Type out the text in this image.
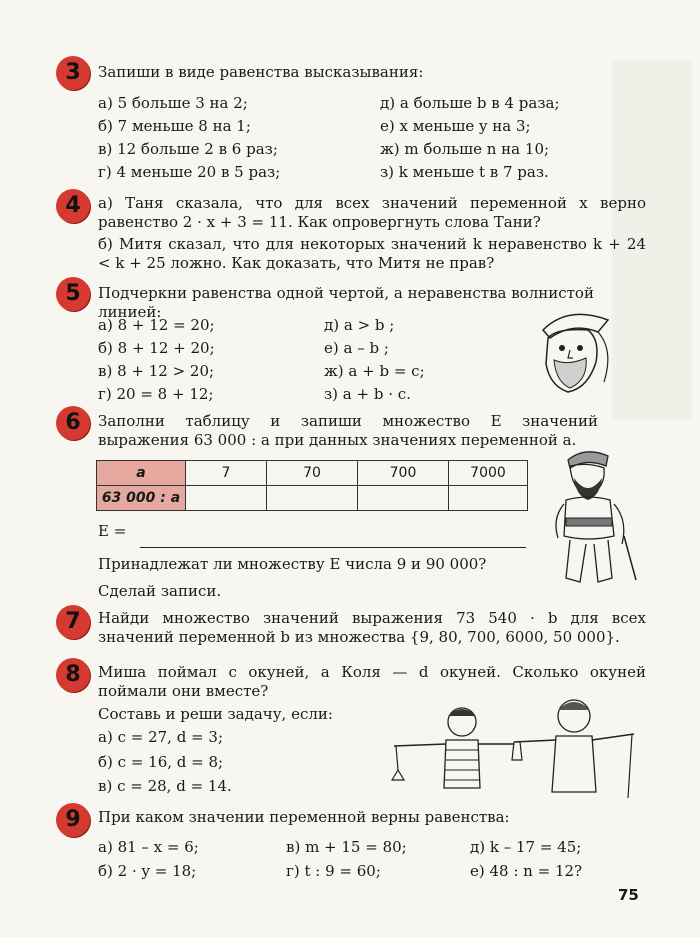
3	Запиши в виде равенства высказывания:
а) 5 больше 3 на 2;
б) 7 меньше 8 на 1;
в) 12 больше 2 в 6 раз;
г) 4 меньше 20 в 5 раз;
д) a больше b в 4 раза;
е) x меньше y на 3;
ж) m больше n на 10;
з) k меньше t в 7 раз.
4	а) Таня сказала, что для всех значений переменной x верно равенство 2 · x + 3 = 11. Как опровергнуть слова Тани?
б) Митя сказал, что для некоторых значений k неравенство k + 24 < k + 25 ложно. Как доказать, что Митя не прав?
5	Подчеркни равенства одной чертой, а неравенства волнистой линией:
а) 8 + 12 = 20;
б) 8 + 12 + 20;
в) 8 + 12 > 20;
г) 20 = 8 + 12;
д) a > b ;
е) a – b ;
ж) a + b = c;
з) a + b · c.
6	Заполни таблицу и запиши множество E значений выражения 63 000 : a при данных значениях переменной a.
a	7	70	700	7000
63 000 : a				
E =
Принадлежат ли множеству E числа 9 и 90 000?
Сделай записи.
7	Найди множество значений выражения 73 540 · b для всех значений переменной b из множества {9, 80, 700, 6000, 50 000}.
8	Миша поймал c окуней, а Коля — d окуней. Сколько окуней поймали они вместе?
Составь и реши задачу, если:
а) c = 27, d = 3;
б) c = 16, d = 8;
в) c = 28, d = 14.
9	При каком значении переменной верны равенства:
а) 81 – x = 6;	в) m + 15 = 80;	д) k – 17 = 45;
б) 2 · y = 18;	г) t : 9 = 60;	е) 48 : n = 12?
75
